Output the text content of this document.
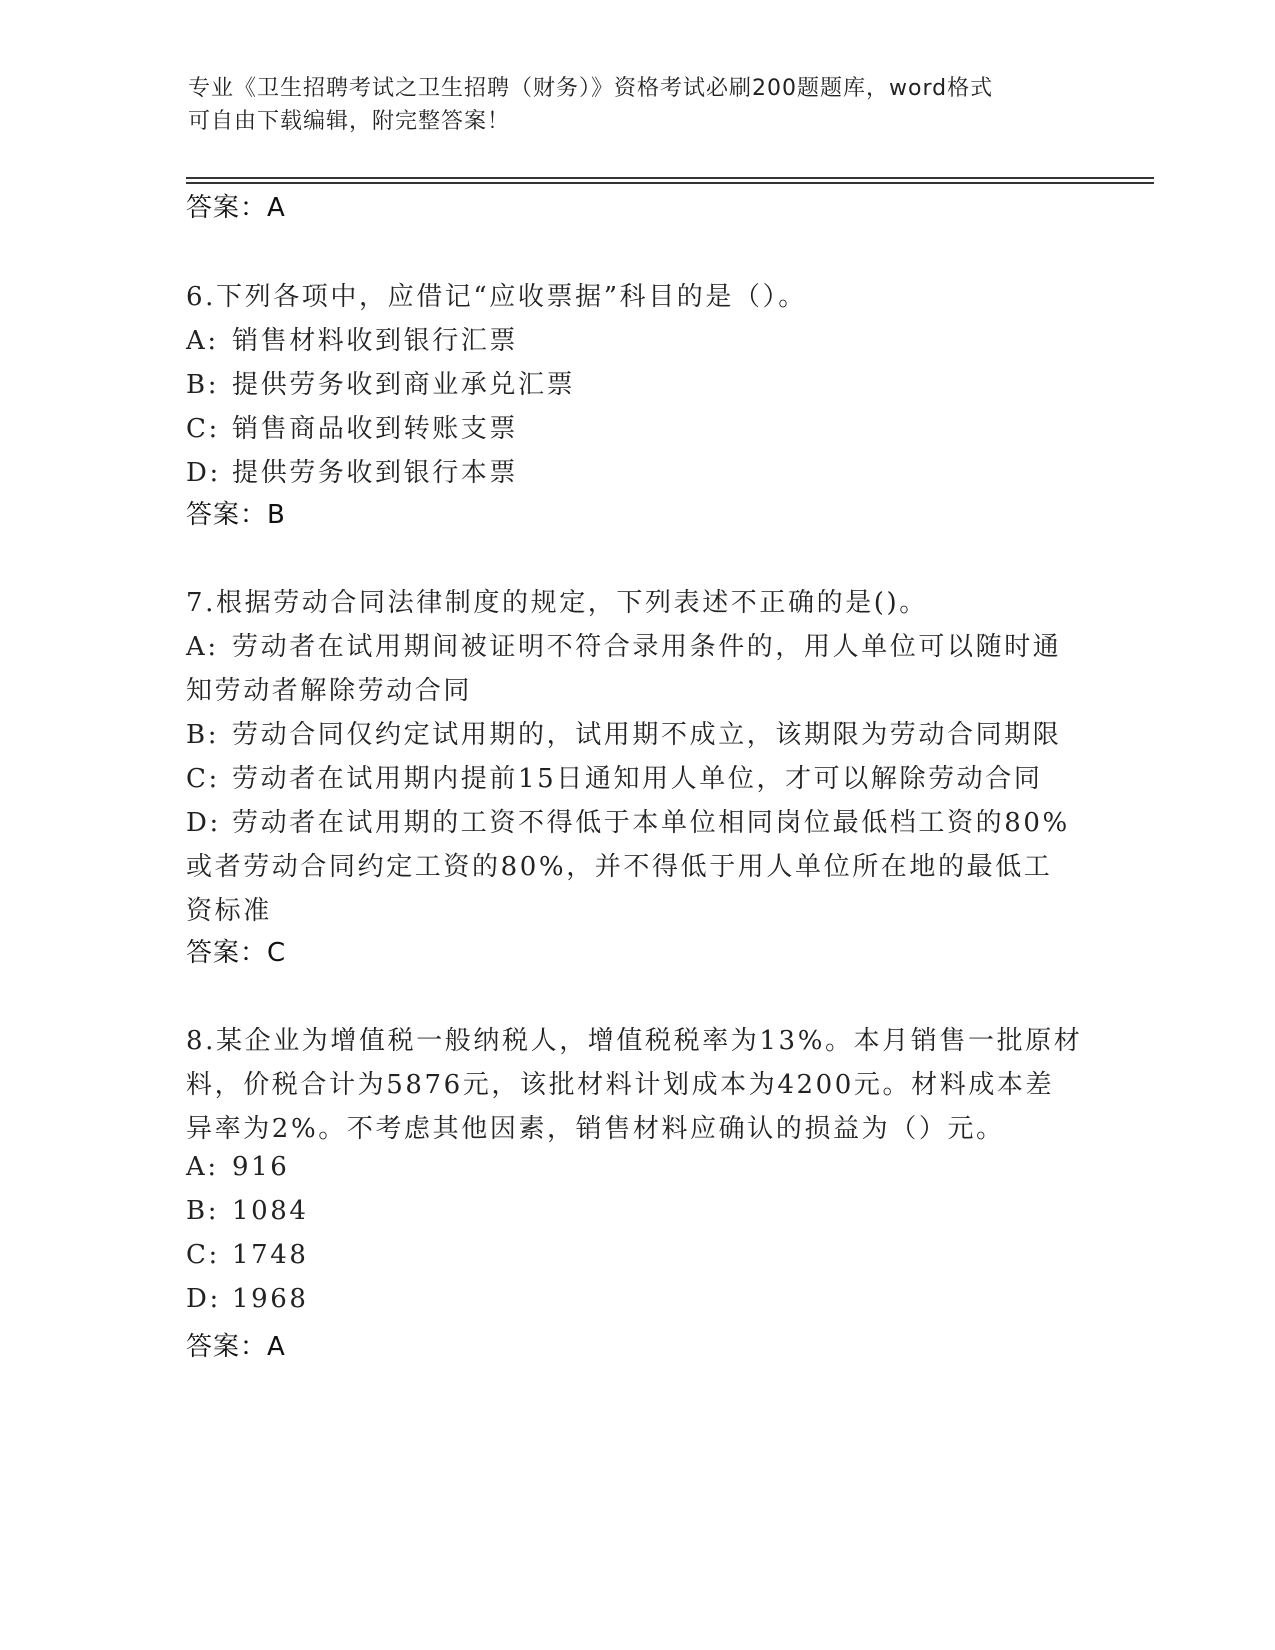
专业《卫生招聘考试之卫生招聘（财务）》资格考试必刷200题题库，word格式
可自由下载编辑，附完整答案！
答案：A
6.下列各项中，应借记“应收票据”科目的是（）。
A: 销售材料收到银行汇票
B: 提供劳务收到商业承兑汇票
C: 销售商品收到转账支票
D: 提供劳务收到银行本票
答案：B
7.根据劳动合同法律制度的规定，下列表述不正确的是()。
A: 劳动者在试用期间被证明不符合录用条件的，用人单位可以随时通
知劳动者解除劳动合同
B: 劳动合同仅约定试用期的，试用期不成立，该期限为劳动合同期限
C: 劳动者在试用期内提前15日通知用人单位，才可以解除劳动合同
D: 劳动者在试用期的工资不得低于本单位相同岗位最低档工资的80%
或者劳动合同约定工资的80%，并不得低于用人单位所在地的最低工
资标准
答案：C
8.某企业为增值税一般纳税人，增值税税率为13%。本月销售一批原材
料，价税合计为5876元，该批材料计划成本为4200元。材料成本差
异率为2%。不考虑其他因素，销售材料应确认的损益为（）元。
A: 916
B: 1084
C: 1748
D: 1968
答案：A
